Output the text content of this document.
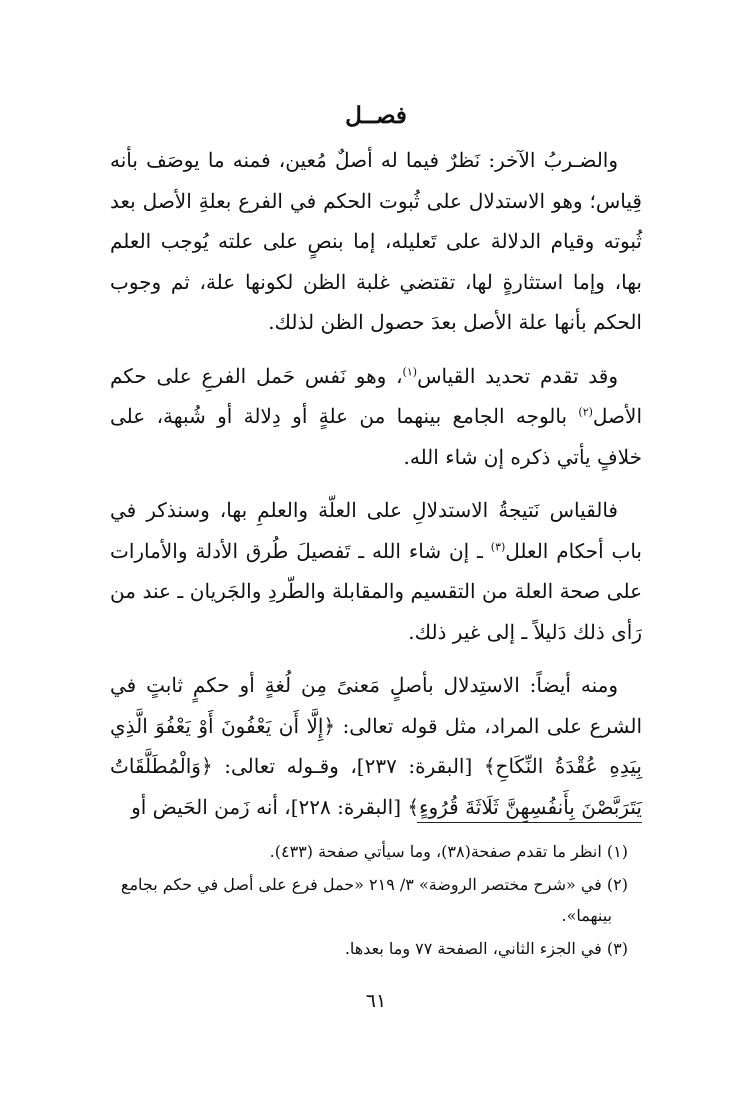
فصــل

والضـربُ الآخر: نَظرٌ فيما له أصلٌ مُعين، فمنه ما يوصَف بأنه قِياس؛ وهو الاستدلال على ثُبوت الحكم في الفرع بعلةِ الأصل بعد ثُبوته وقيام الدلالة على تَعليله، إما بنصٍ على علته يُوجب العلم بها، وإما استثارةٍ لها، تقتضي غلبة الظن لكونها علة، ثم وجوب الحكم بأنها علة الأصل بعدَ حصول الظن لذلك.

وقد تقدم تحديد القياس$^{(١)}$، وهو نَفس حَمل الفرعِ على حكم الأصل$^{(٢)}$ بالوجه الجامع بينهما من علةٍ أو دِلالة أو شُبهة، على خلافٍ يأتي ذكره إن شاء الله.

فالقياس نَتيجةُ الاستدلالِ على العلّة والعلمِ بها، وسنذكر في باب أحكام العلل$^{(٣)}$ ـ إن شاء الله ـ تَفصيلَ طُرق الأدلة والأمارات على صحة العلة من التقسيم والمقابلة والطّردِ والجَريان ـ عند من رَأى ذلك دَليلاً ـ إلى غير ذلك.

ومنه أيضاً: الاستِدلال بأصلٍ مَعنىً مِن لُغةٍ أو حكمٍ ثابتٍ في الشرع على المراد، مثل قوله تعالى: ﴿إِلَّا أَن يَعْفُونَ أَوْ يَعْفُوَ الَّذِي بِيَدِهِ عُقْدَةُ النِّكَاحِ﴾ [البقرة: ٢٣٧]، وقـوله تعالى: ﴿وَالْمُطَلَّقَاتُ يَتَرَبَّصْنَ بِأَنفُسِهِنَّ ثَلَاثَةَ قُرُوءٍ﴾ [البقرة: ٢٢٨]، أنه زَمن الحَيض أو

(١) انظر ما تقدم صفحة(٣٨)، وما سيأتي صفحة (٤٣٣).
(٢) في «شرح مختصر الروضة» ٣/ ٢١٩ «حمل فرع على أصل في حكم بجامع
بينهما».
(٣) في الجزء الثاني، الصفحة ٧٧ وما بعدها.
٦١
